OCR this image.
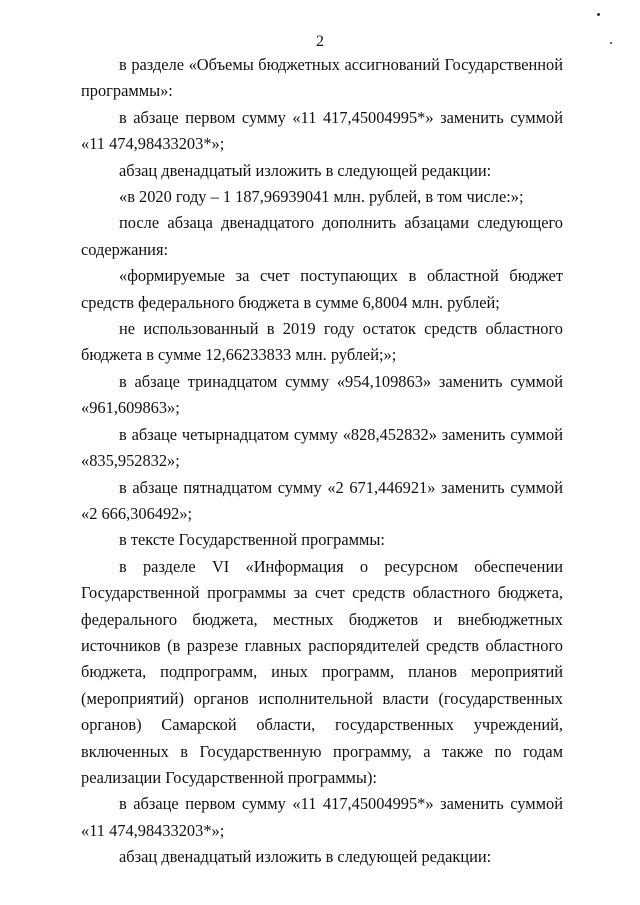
2

в разделе «Объемы бюджетных ассигнований Государственной программы»:

в абзаце первом сумму «11 417,45004995*» заменить суммой «11 474,98433203*»;

абзац двенадцатый изложить в следующей редакции:

«в 2020 году – 1 187,96939041 млн. рублей, в том числе:»;

после абзаца двенадцатого дополнить абзацами следующего содержания:

«формируемые за счет поступающих в областной бюджет средств федерального бюджета в сумме 6,8004 млн. рублей;

не использованный в 2019 году остаток средств областного бюджета в сумме 12,66233833 млн. рублей;»;

в абзаце тринадцатом сумму «954,109863» заменить суммой «961,609863»;

в абзаце четырнадцатом сумму «828,452832» заменить суммой «835,952832»;

в абзаце пятнадцатом сумму «2 671,446921» заменить суммой «2 666,306492»;

в тексте Государственной программы:

в разделе VI «Информация о ресурсном обеспечении Государственной программы за счет средств областного бюджета, федерального бюджета, местных бюджетов и внебюджетных источников (в разрезе главных распорядителей средств областного бюджета, подпрограмм, иных программ, планов мероприятий (мероприятий) органов исполнительной власти (государственных органов) Самарской области, государственных учреждений, включенных в Государственную программу, а также по годам реализации Государственной программы):

в абзаце первом сумму «11 417,45004995*» заменить суммой «11 474,98433203*»;

абзац двенадцатый изложить в следующей редакции:
